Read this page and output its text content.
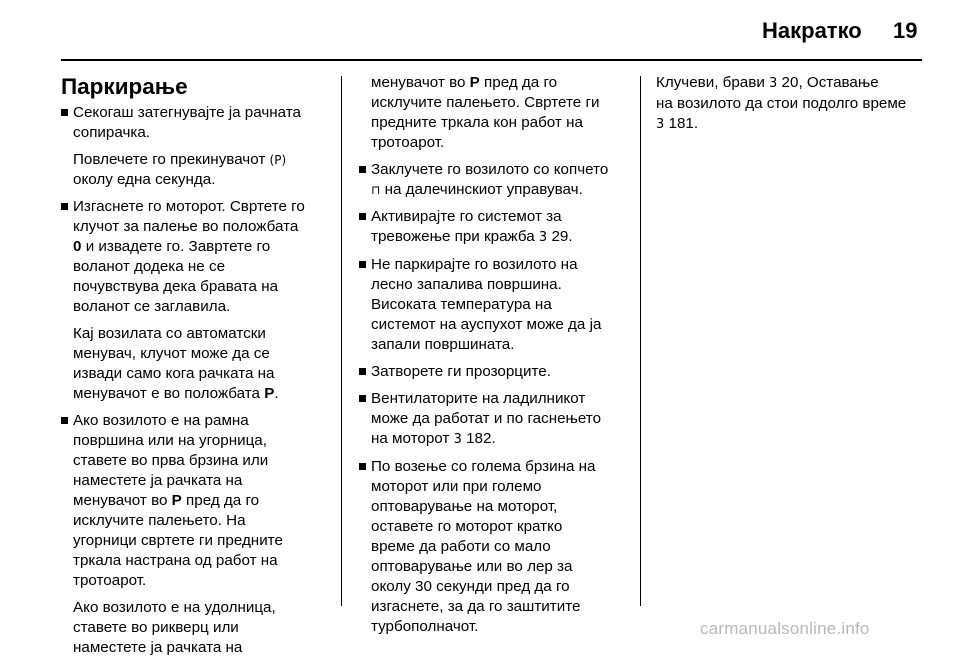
Накратко 19
Паркирање
Секогаш затегнувајте ја рачната
сопирачка.
Повлечете го прекинувачот (P)
околу една секунда.
Изгаснете го моторот. Свртете го
клучот за палење во положбата
0 и извадете го. Завртете го
воланот додека не се
почувствува дека бравата на
воланот се заглавила.
Кај возилата со автоматски
менувач, клучот може да се
извади само кога рачката на
менувачот е во положбата P.
Ако возилото е на рамна
површина или на угорница,
ставете во прва брзина или
наместете ја рачката на
менувачот во P пред да го
исклучите палењето. На
угорници свртете ги предните
тркала настрана од работ на
тротоарот.
Ако возилото е на удолница,
ставете во рикверц или
наместете ја рачката на
менувачот во P пред да го
исклучите палењето. Свртете ги
предните тркала кон работ на
тротоарот.
Заклучете го возилото со копчето
⊓ на далечинскиот управувач.
Активирајте го системот за
тревожење при кражба 3 29.
Не паркирајте го возилото на
лесно запалива површина.
Високата температура на
системот на ауспухот може да ја
запали површината.
Затворете ги прозорците.
Вентилаторите на ладилникот
може да работат и по гаснењето
на моторот 3 182.
По возење со голема брзина на
моторот или при големо
оптоварување на моторот,
оставете го моторот кратко
време да работи со мало
оптоварување или во лер за
околу 30 секунди пред да го
изгаснете, за да го заштитите
турбополначот.
Клучеви, брави 3 20, Оставање
на возилото да стои подолго време
3 181.
carmanualsonline.info
